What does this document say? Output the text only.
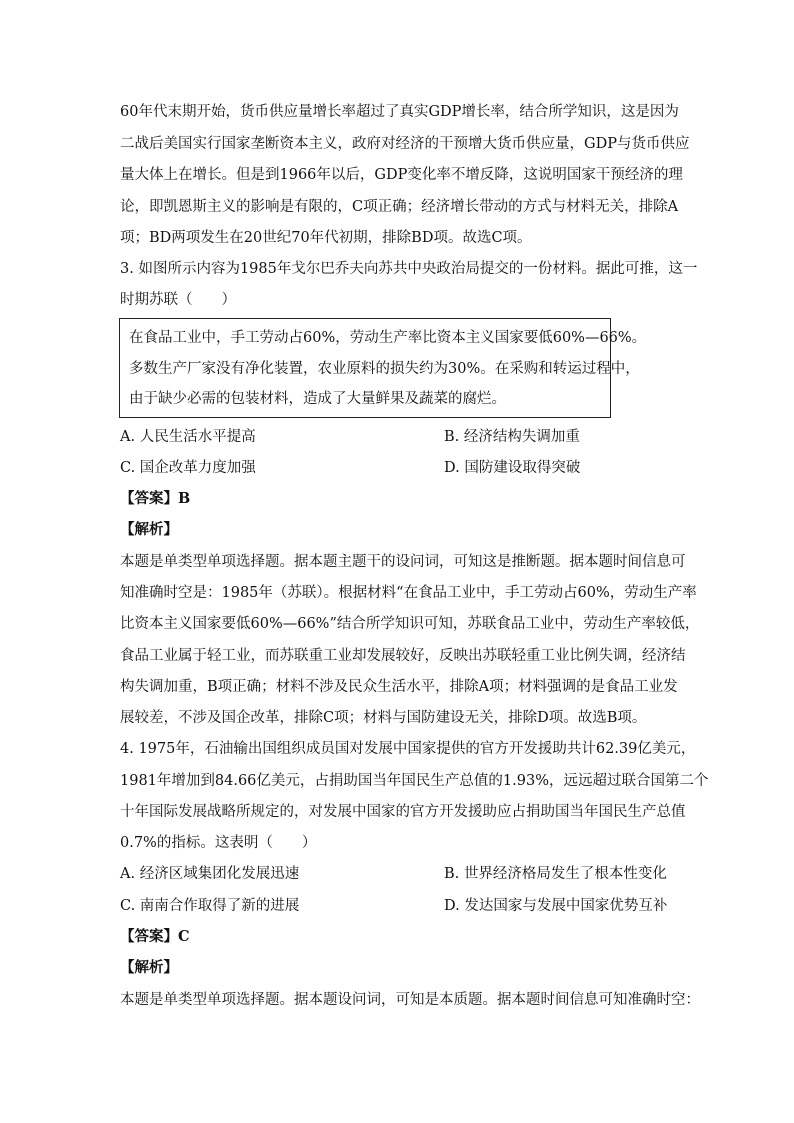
60年代末期开始，货币供应量增长率超过了真实GDP增长率，结合所学知识，这是因为
二战后美国实行国家垄断资本主义，政府对经济的干预增大货币供应量，GDP与货币供应
量大体上在增长。但是到1966年以后，GDP变化率不增反降，这说明国家干预经济的理
论，即凯恩斯主义的影响是有限的，C项正确；经济增长带动的方式与材料无关，排除A
项；BD两项发生在20世纪70年代初期，排除BD项。故选C项。
3. 如图所示内容为1985年戈尔巴乔夫向苏共中央政治局提交的一份材料。据此可推，这一
时期苏联（　　）
在食品工业中，手工劳动占60%，劳动生产率比资本主义国家要低60%—66%。
多数生产厂家没有净化装置，农业原料的损失约为30%。在采购和转运过程中，
由于缺少必需的包装材料，造成了大量鲜果及蔬菜的腐烂。
A. 人民生活水平提高	B. 经济结构失调加重
C. 国企改革力度加强	D. 国防建设取得突破
【答案】B
【解析】
本题是单类型单项选择题。据本题主题干的设问词，可知这是推断题。据本题时间信息可
知准确时空是：1985年（苏联）。根据材料“在食品工业中，手工劳动占60%，劳动生产率
比资本主义国家要低60%—66%”结合所学知识可知，苏联食品工业中，劳动生产率较低，
食品工业属于轻工业，而苏联重工业却发展较好，反映出苏联轻重工业比例失调，经济结
构失调加重，B项正确；材料不涉及民众生活水平，排除A项；材料强调的是食品工业发
展较差，不涉及国企改革，排除C项；材料与国防建设无关，排除D项。故选B项。
4. 1975年，石油输出国组织成员国对发展中国家提供的官方开发援助共计62.39亿美元，
1981年增加到84.66亿美元，占捐助国当年国民生产总值的1.93%，远远超过联合国第二个
十年国际发展战略所规定的，对发展中国家的官方开发援助应占捐助国当年国民生产总值
0.7%的指标。这表明（　　）
A. 经济区域集团化发展迅速	B. 世界经济格局发生了根本性变化
C. 南南合作取得了新的进展	D. 发达国家与发展中国家优势互补
【答案】C
【解析】
本题是单类型单项选择题。据本题设问词，可知是本质题。据本题时间信息可知准确时空：
